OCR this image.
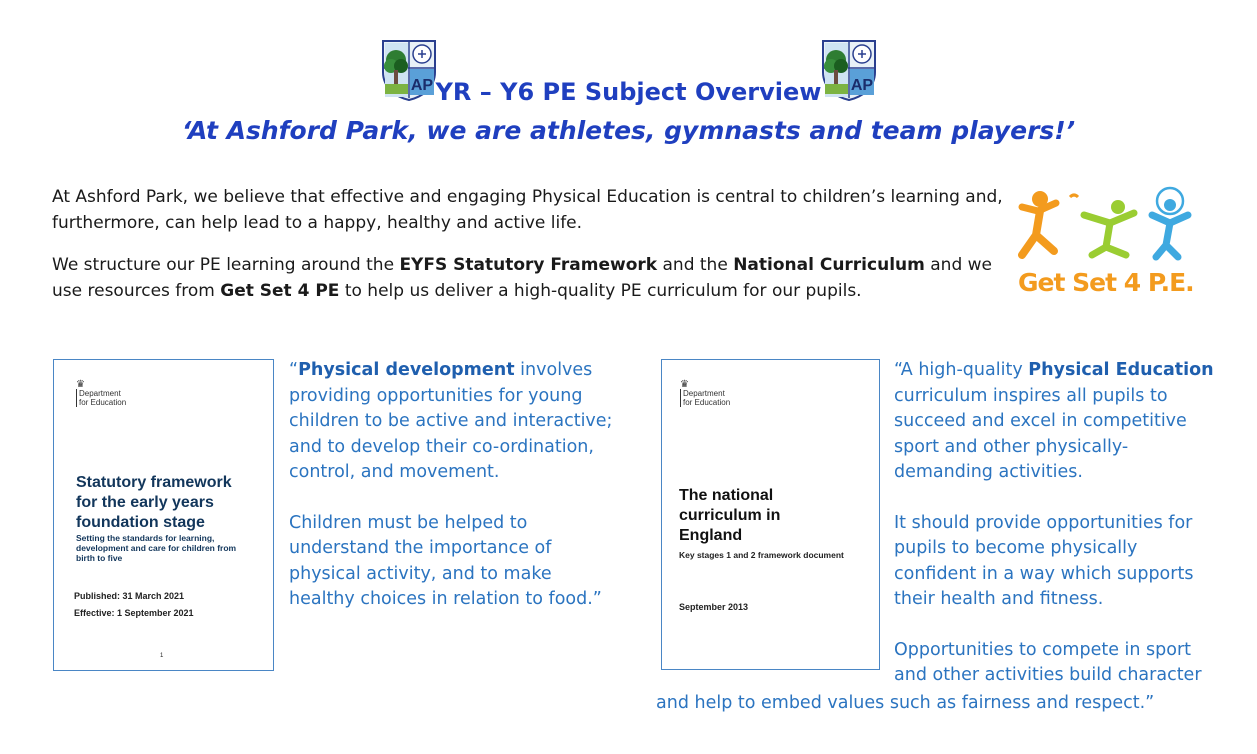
AP	AP
YR – Y6 PE Subject Overview
‘At Ashford Park, we are athletes, gymnasts and team players!’
At Ashford Park, we believe that effective and engaging Physical Education is central to children’s learning and, furthermore, can help lead to a happy, healthy and active life.
We structure our PE learning around the EYFS Statutory Framework and the National Curriculum and we use resources from Get Set 4 PE to help us deliver a high-quality PE curriculum for our pupils.	Get Set 4 P.E.
♛
Department
for Education
Statutory framework for the early years foundation stage
Setting the standards for learning, development and care for children from birth to five
Published: 31 March 2021
Effective: 1 September 2021
1

“Physical development involves providing opportunities for young children to be active and interactive; and to develop their co-ordination, control, and movement.

Children must be helped to understand the importance of physical activity, and to make healthy choices in relation to food.”

♛
Department
for Education
The national curriculum in England
Key stages 1 and 2 framework document
September 2013

“A high-quality Physical Education curriculum inspires all pupils to succeed and excel in competitive sport and other physically-demanding activities.

It should provide opportunities for pupils to become physically confident in a way which supports their health and fitness.

Opportunities to compete in sport and other activities build character

and help to embed values such as fairness and respect.”
